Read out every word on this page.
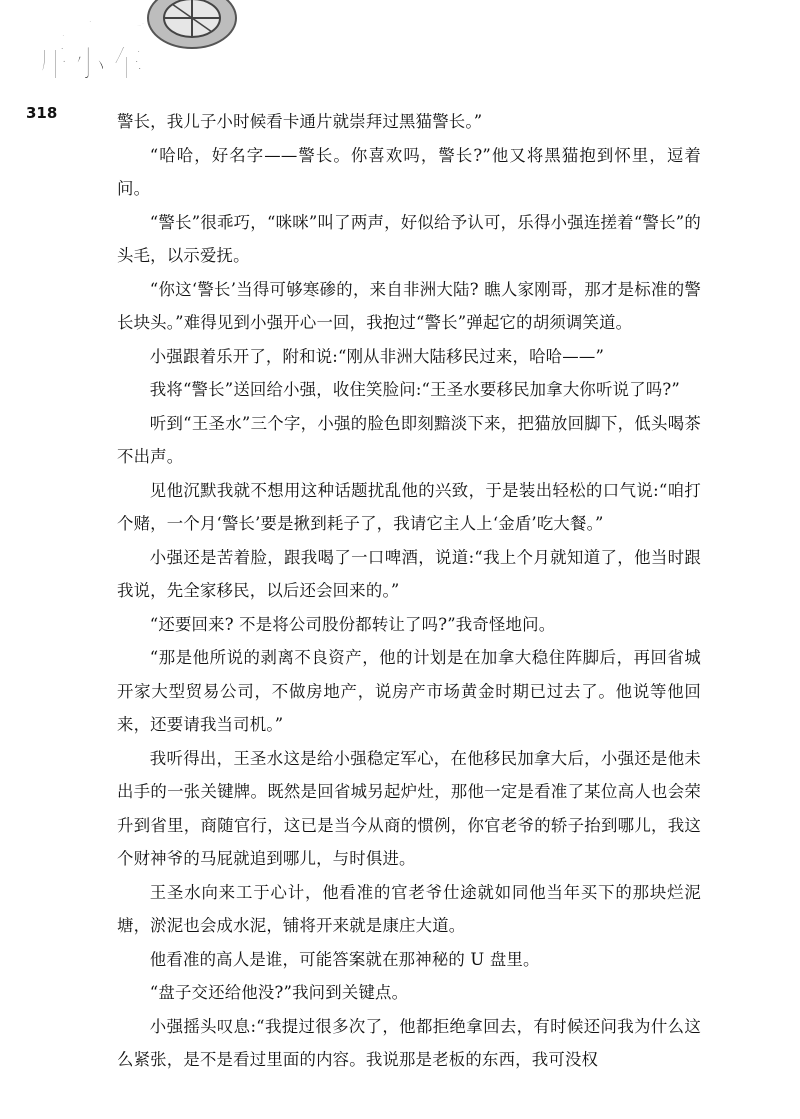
我给领导
开小车
318	警长，我儿子小时候看卡通片就崇拜过黑猫警长。”

“哈哈，好名字——警长。你喜欢吗，警长?”他又将黑猫抱到怀里，逗着问。

“警长”很乖巧，“咪咪”叫了两声，好似给予认可，乐得小强连搓着“警长”的头毛，以示爱抚。

“你这‘警长’当得可够寒碜的，来自非洲大陆? 瞧人家刚哥，那才是标准的警长块头。”难得见到小强开心一回，我抱过“警长”弹起它的胡须调笑道。

小强跟着乐开了，附和说:“刚从非洲大陆移民过来，哈哈——”

我将“警长”送回给小强，收住笑脸问:“王圣水要移民加拿大你听说了吗?”

听到“王圣水”三个字，小强的脸色即刻黯淡下来，把猫放回脚下，低头喝茶不出声。

见他沉默我就不想用这种话题扰乱他的兴致，于是装出轻松的口气说:“咱打个赌，一个月‘警长’要是揪到耗子了，我请它主人上‘金盾’吃大餐。”

小强还是苦着脸，跟我喝了一口啤酒，说道:“我上个月就知道了，他当时跟我说，先全家移民，以后还会回来的。”

“还要回来? 不是将公司股份都转让了吗?”我奇怪地问。

“那是他所说的剥离不良资产，他的计划是在加拿大稳住阵脚后，再回省城开家大型贸易公司，不做房地产，说房产市场黄金时期已过去了。他说等他回来，还要请我当司机。”

我听得出，王圣水这是给小强稳定军心，在他移民加拿大后，小强还是他未出手的一张关键牌。既然是回省城另起炉灶，那他一定是看准了某位高人也会荣升到省里，商随官行，这已是当今从商的惯例，你官老爷的轿子抬到哪儿，我这个财神爷的马屁就追到哪儿，与时俱进。

王圣水向来工于心计，他看准的官老爷仕途就如同他当年买下的那块烂泥塘，淤泥也会成水泥，铺将开来就是康庄大道。

他看准的高人是谁，可能答案就在那神秘的 U 盘里。

“盘子交还给他没?”我问到关键点。

小强摇头叹息:“我提过很多次了，他都拒绝拿回去，有时候还问我为什么这么紧张，是不是看过里面的内容。我说那是老板的东西，我可没权
